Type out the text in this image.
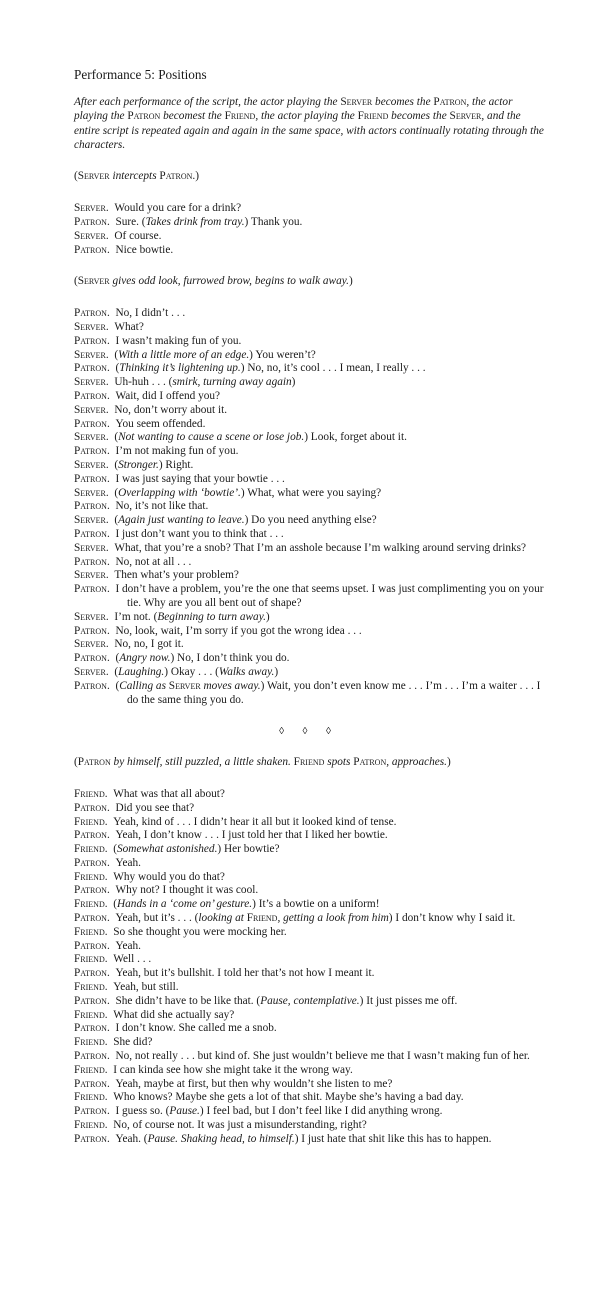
Performance 5: Positions
After each performance of the script, the actor playing the Server becomes the Patron, the actor playing the Patron becomest the Friend, the actor playing the Friend becomes the Server, and the entire script is repeated again and again in the same space, with actors continually rotating through the characters.
(Server intercepts Patron.)
Server. Would you care for a drink?
Patron. Sure. (Takes drink from tray.) Thank you.
Server. Of course.
Patron. Nice bowtie.
(Server gives odd look, furrowed brow, begins to walk away.)
Patron. No, I didn’t . . .
Server. What?
Patron. I wasn’t making fun of you.
Server. (With a little more of an edge.) You weren’t?
Patron. (Thinking it’s lightening up.) No, no, it’s cool . . . I mean, I really . . .
Server. Uh-huh . . . (smirk, turning away again)
Patron. Wait, did I offend you?
Server. No, don’t worry about it.
Patron. You seem offended.
Server. (Not wanting to cause a scene or lose job.) Look, forget about it.
Patron. I’m not making fun of you.
Server. (Stronger.) Right.
Patron. I was just saying that your bowtie . . .
Server. (Overlapping with ‘bowtie’.) What, what were you saying?
Patron. No, it’s not like that.
Server. (Again just wanting to leave.) Do you need anything else?
Patron. I just don’t want you to think that . . .
Server. What, that you’re a snob? That I’m an asshole because I’m walking around serving drinks?
Patron. No, not at all . . .
Server. Then what’s your problem?
Patron. I don’t have a problem, you’re the one that seems upset. I was just complimenting you on your tie. Why are you all bent out of shape?
Server. I’m not. (Beginning to turn away.)
Patron. No, look, wait, I’m sorry if you got the wrong idea . . .
Server. No, no, I got it.
Patron. (Angry now.) No, I don’t think you do.
Server. (Laughing.) Okay . . . (Walks away.)
Patron. (Calling as Server moves away.) Wait, you don’t even know me . . . I’m . . . I’m a waiter . . . I do the same thing you do.
◊ ◊ ◊
(Patron by himself, still puzzled, a little shaken. Friend spots Patron, approaches.)
Friend. What was that all about?
Patron. Did you see that?
Friend. Yeah, kind of . . . I didn’t hear it all but it looked kind of tense.
Patron. Yeah, I don’t know . . . I just told her that I liked her bowtie.
Friend. (Somewhat astonished.) Her bowtie?
Patron. Yeah.
Friend. Why would you do that?
Patron. Why not? I thought it was cool.
Friend. (Hands in a ‘come on’ gesture.) It’s a bowtie on a uniform!
Patron. Yeah, but it’s . . . (looking at Friend, getting a look from him) I don’t know why I said it.
Friend. So she thought you were mocking her.
Patron. Yeah.
Friend. Well . . .
Patron. Yeah, but it’s bullshit. I told her that’s not how I meant it.
Friend. Yeah, but still.
Patron. She didn’t have to be like that. (Pause, contemplative.) It just pisses me off.
Friend. What did she actually say?
Patron. I don’t know. She called me a snob.
Friend. She did?
Patron. No, not really . . . but kind of. She just wouldn’t believe me that I wasn’t making fun of her.
Friend. I can kinda see how she might take it the wrong way.
Patron. Yeah, maybe at first, but then why wouldn’t she listen to me?
Friend. Who knows? Maybe she gets a lot of that shit. Maybe she’s having a bad day.
Patron. I guess so. (Pause.) I feel bad, but I don’t feel like I did anything wrong.
Friend. No, of course not. It was just a misunderstanding, right?
Patron. Yeah. (Pause. Shaking head, to himself.) I just hate that shit like this has to happen.
